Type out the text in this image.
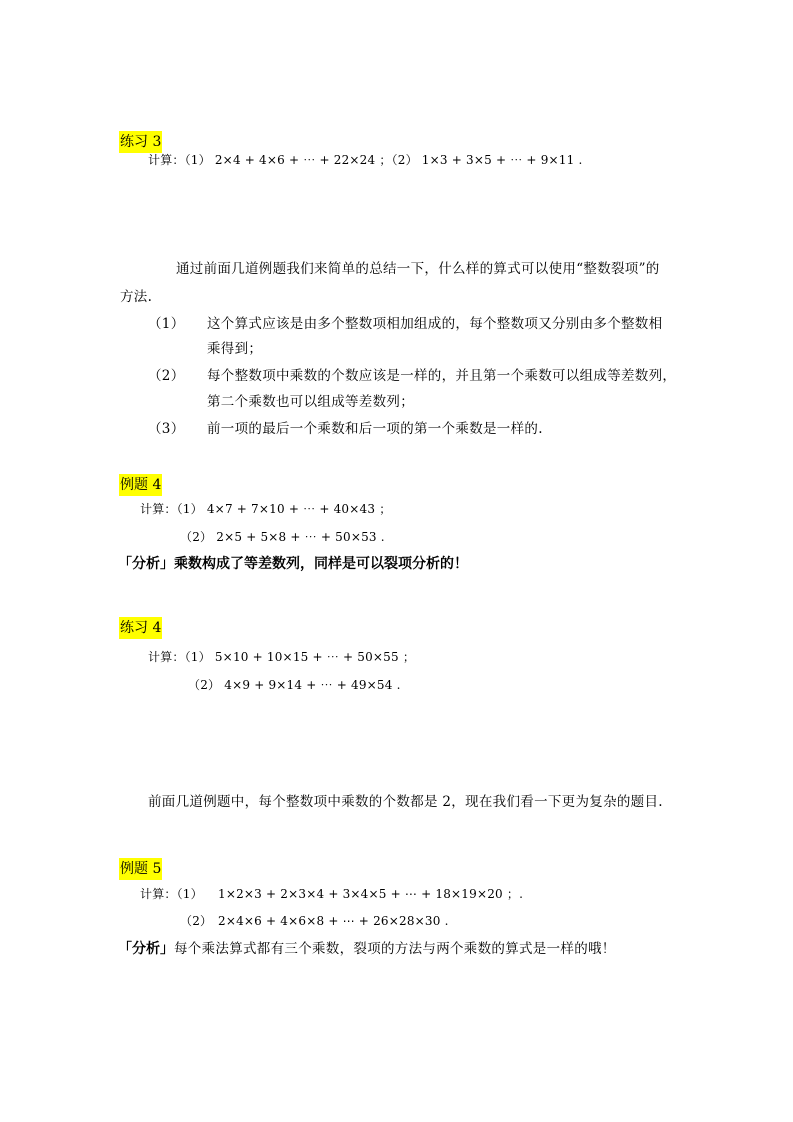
练习 3
计算：（1） 2×4 + 4×6 + ⋯ + 22×24 ；（2） 1×3 + 3×5 + ⋯ + 9×11 .
通过前面几道例题我们来简单的总结一下，什么样的算式可以使用“整数裂项”的
方法.
（1） 这个算式应该是由多个整数项相加组成的，每个整数项又分别由多个整数相
乘得到；
（2） 每个整数项中乘数的个数应该是一样的，并且第一个乘数可以组成等差数列，
第二个乘数也可以组成等差数列；
（3） 前一项的最后一个乘数和后一项的第一个乘数是一样的.
例题 4
计算：（1） 4×7 + 7×10 + ⋯ + 40×43 ；
（2） 2×5 + 5×8 + ⋯ + 50×53 .
「分析」乘数构成了等差数列，同样是可以裂项分析的！
练习 4
计算：（1） 5×10 + 10×15 + ⋯ + 50×55 ；
（2） 4×9 + 9×14 + ⋯ + 49×54 .
前面几道例题中，每个整数项中乘数的个数都是 2，现在我们看一下更为复杂的题目.
例题 5
计算：（1） 1×2×3 + 2×3×4 + 3×4×5 + ⋯ + 18×19×20 ；.
（2） 2×4×6 + 4×6×8 + ⋯ + 26×28×30 .
「分析」每个乘法算式都有三个乘数，裂项的方法与两个乘数的算式是一样的哦！
